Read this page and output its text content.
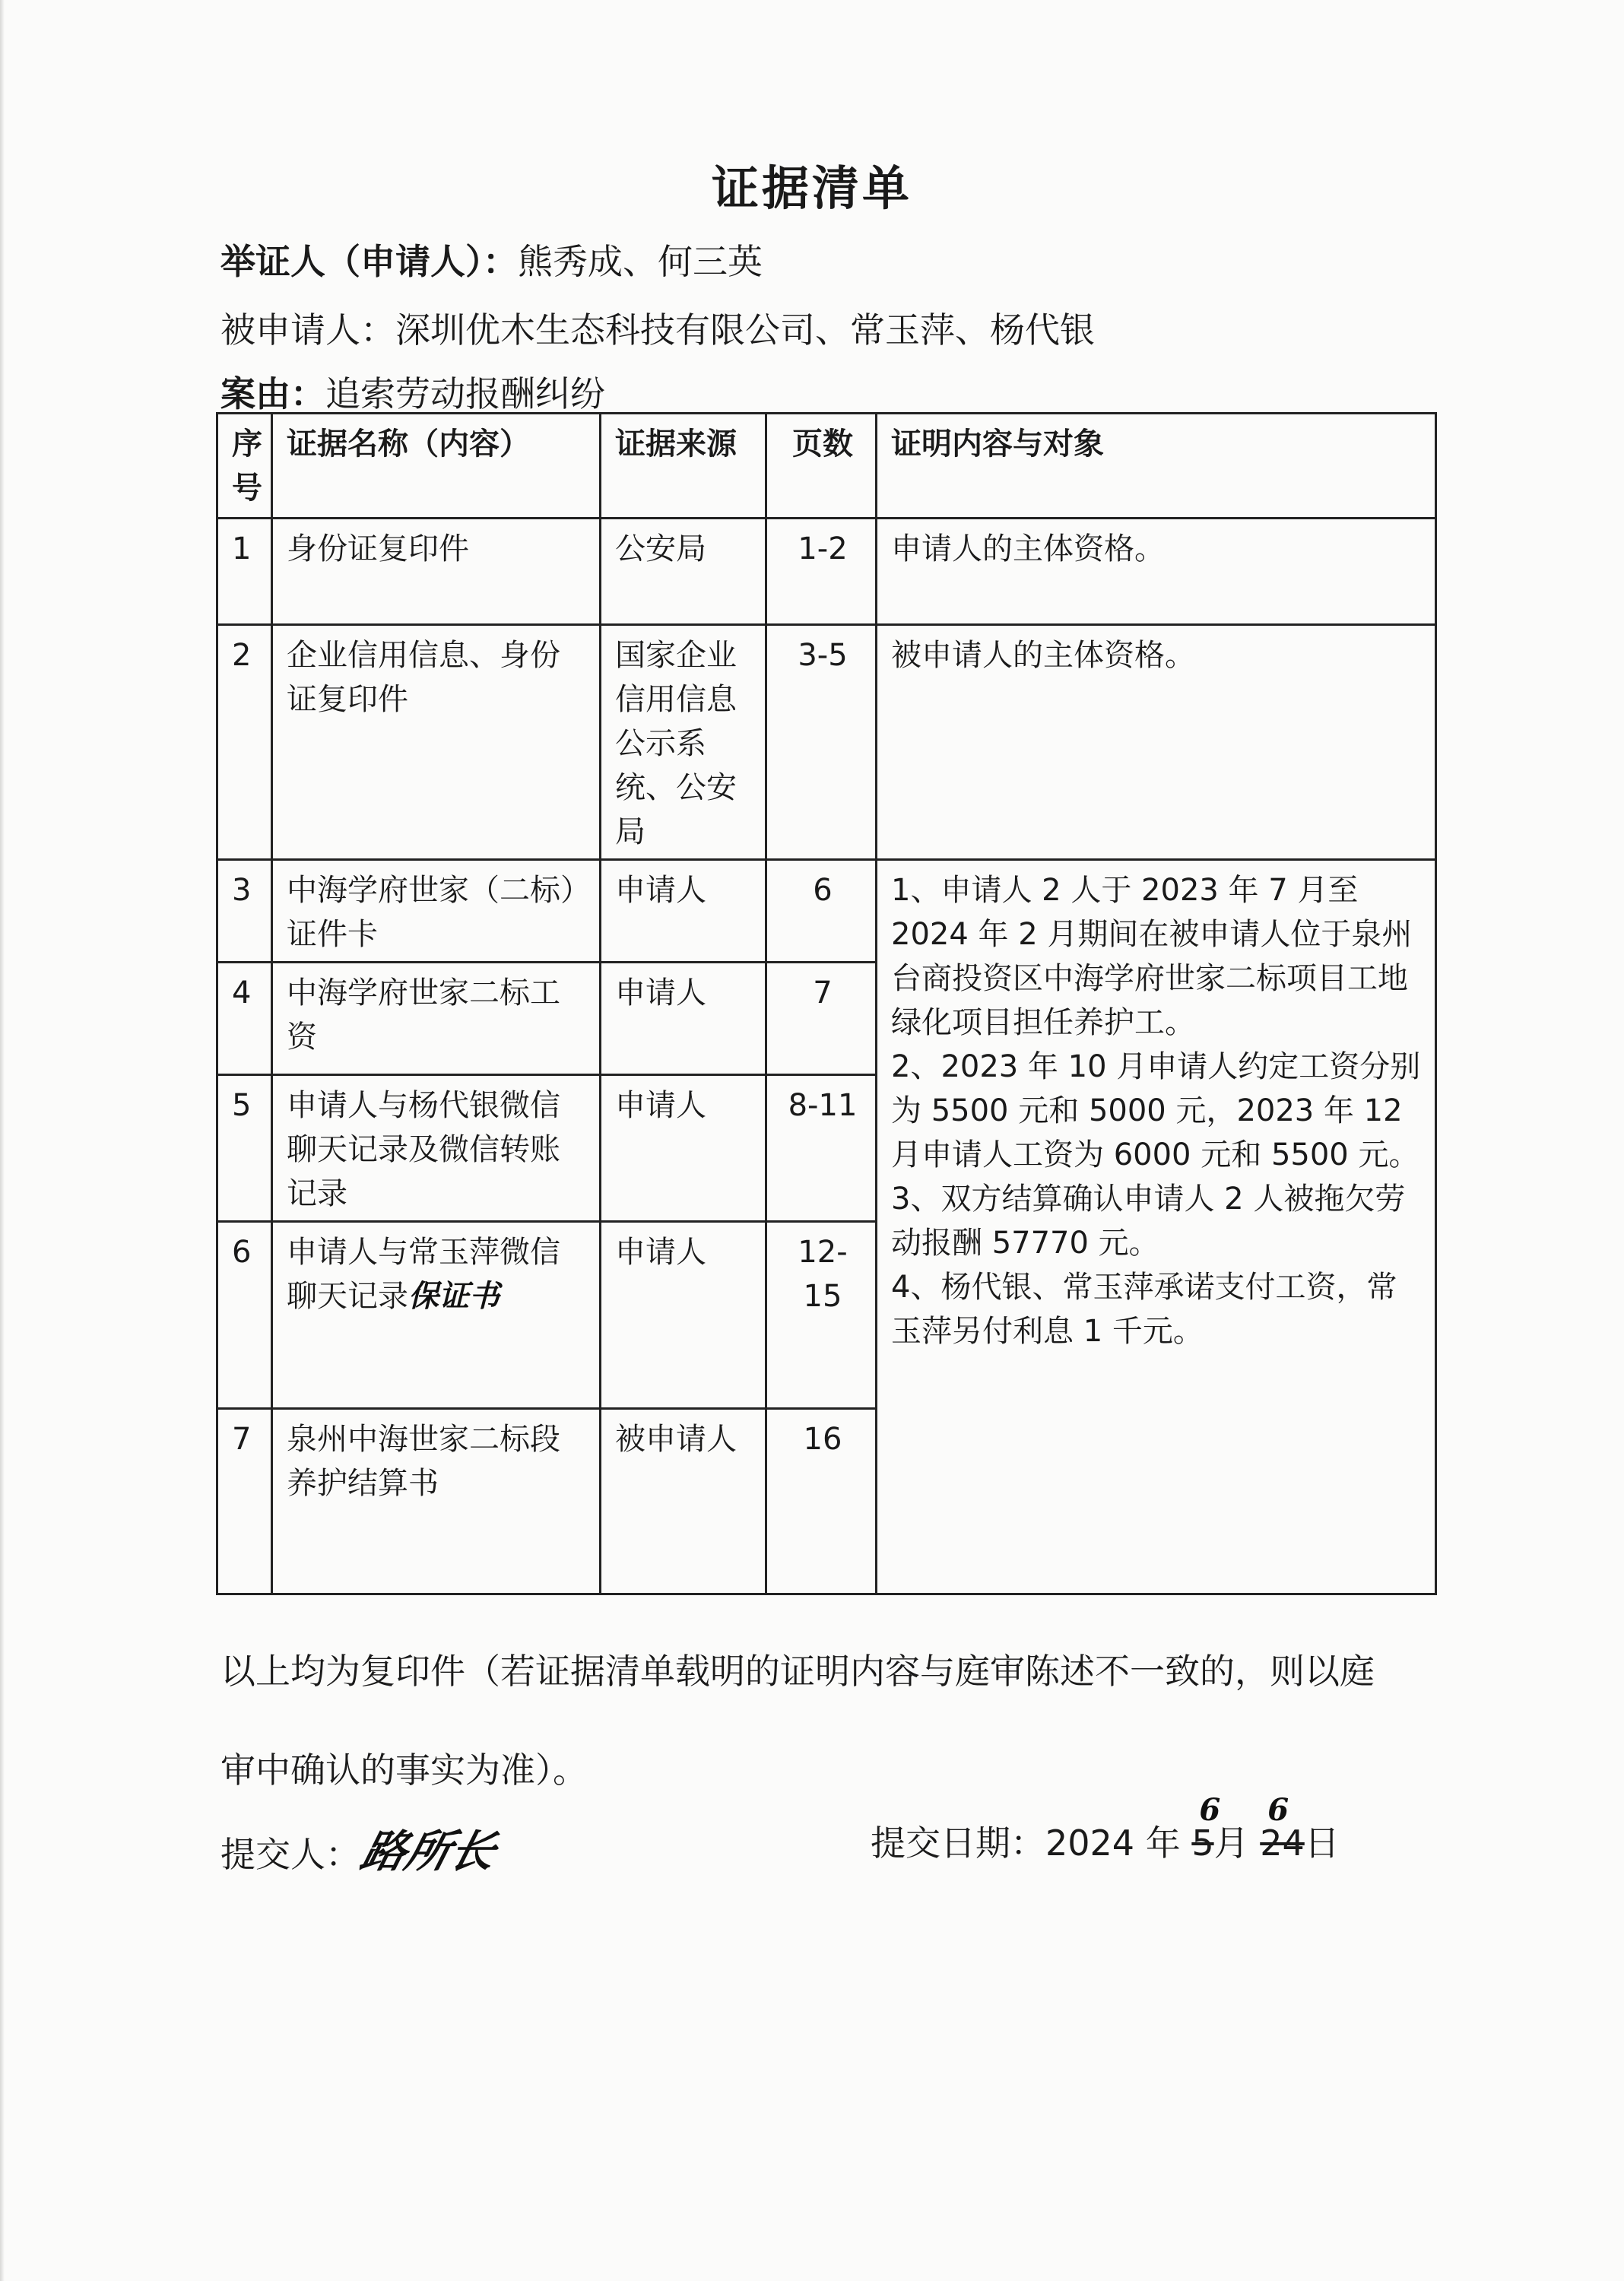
证据清单
举证人（申请人）：熊秀成、何三英
被申请人：深圳优木生态科技有限公司、常玉萍、杨代银
案由：追索劳动报酬纠纷
序号	证据名称（内容）	证据来源	页数	证明内容与对象
1	身份证复印件	公安局	1-2	申请人的主体资格。
2	企业信用信息、身份证复印件	国家企业信用信息公示系统、公安局	3-5	被申请人的主体资格。
3	中海学府世家（二标）证件卡	申请人	6	1、申请人 2 人于 2023 年 7 月至 2024 年 2 月期间在被申请人位于泉州台商投资区中海学府世家二标项目工地绿化项目担任养护工。
2、2023 年 10 月申请人约定工资分别为 5500 元和 5000 元，2023 年 12 月申请人工资为 6000 元和 5500 元。
3、双方结算确认申请人 2 人被拖欠劳动报酬 57770 元。
4、杨代银、常玉萍承诺支付工资，常玉萍另付利息 1 千元。

4	中海学府世家二标工资	申请人	7	
5	申请人与杨代银微信聊天记录及微信转账记录	申请人	8-11	
6	申请人与常玉萍微信聊天记录保证书	申请人	12-15	
7	泉州中海世家二标段养护结算书	被申请人	16	
以上均为复印件（若证据清单载明的证明内容与庭审陈述不一致的，则以庭
审中确认的事实为准）。
提交人：路所长	提交日期：2024 年 5
6
月 24
6
日
